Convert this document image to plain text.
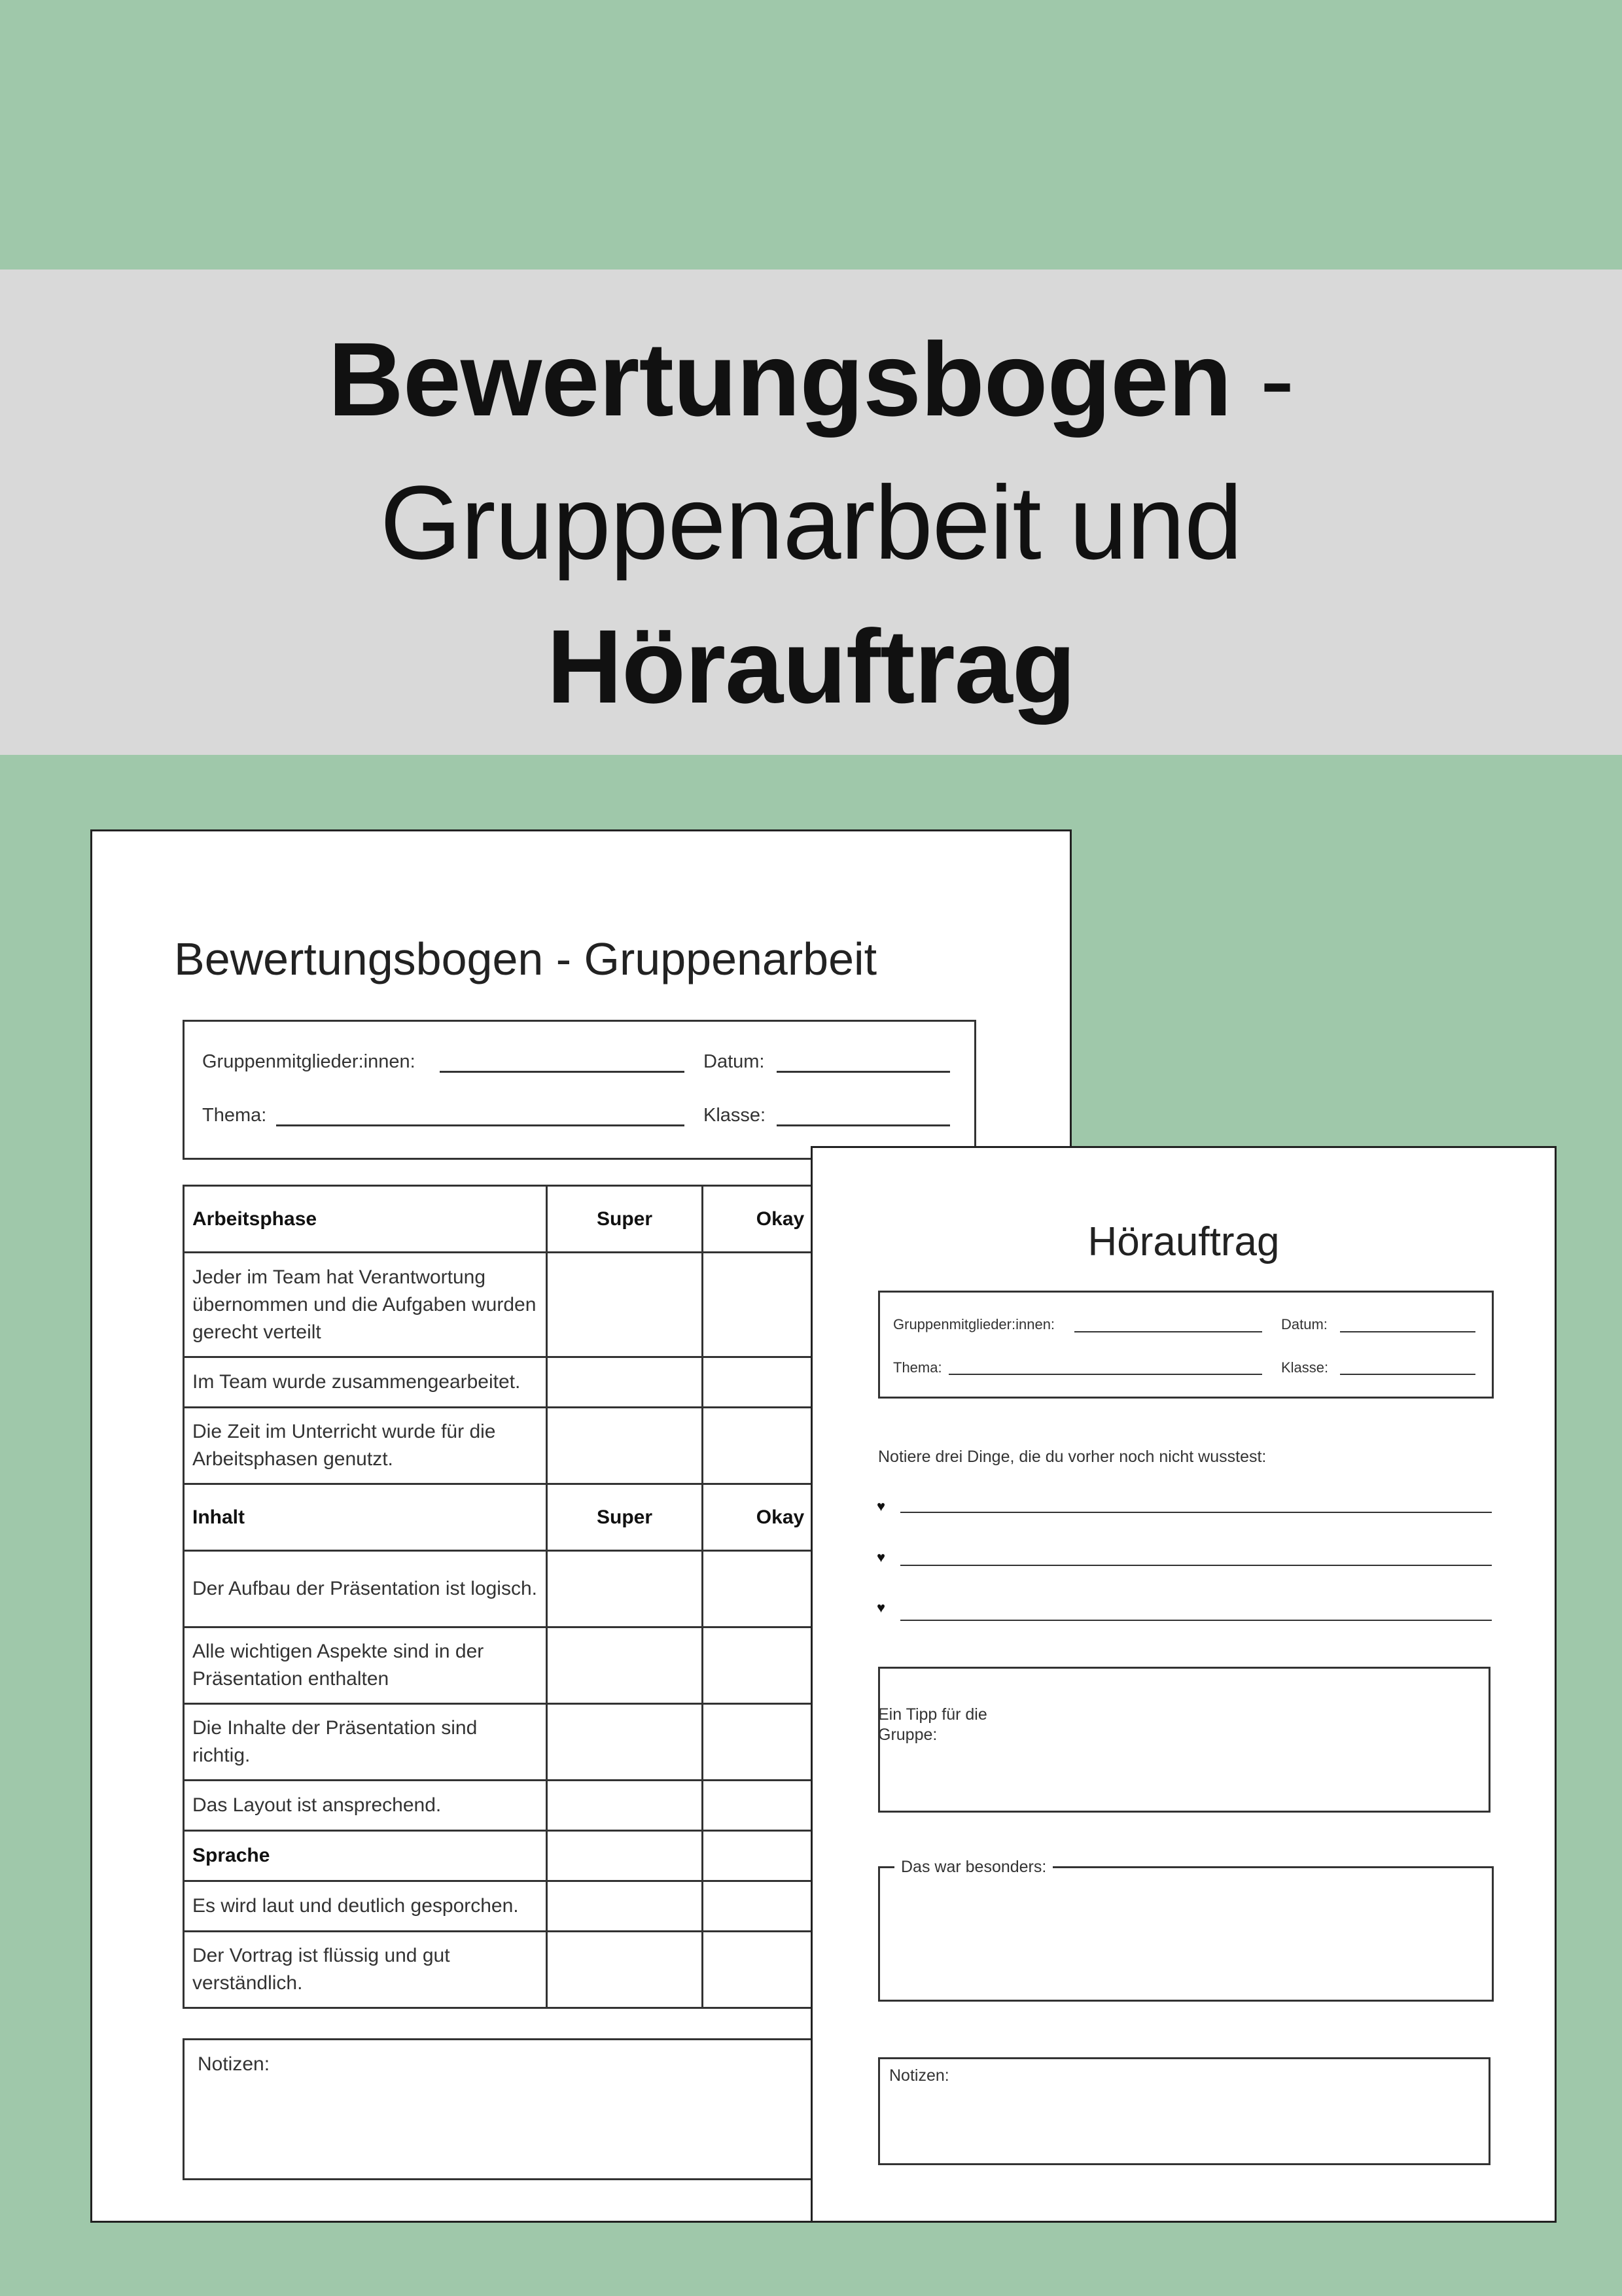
Bewertungsbogen -
Gruppenarbeit und
Hörauftrag
Bewertungsbogen - Gruppenarbeit
Gruppenmitglieder:innen:	Datum:
Thema:	Klasse:
Arbeitsphase	Super	Okay	
Jeder im Team hat Verantwortung übernommen und die Aufgaben wurden gerecht verteilt			
Im Team wurde zusammengearbeitet.			
Die Zeit im Unterricht wurde für die Arbeitsphasen genutzt.			
Inhalt	Super	Okay	
Der Aufbau der Präsentation ist logisch.			
Alle wichtigen Aspekte sind in der Präsentation enthalten			
Die Inhalte der Präsentation sind richtig.			
Das Layout ist ansprechend.			
Sprache			
Es wird laut und deutlich gesporchen.			
Der Vortrag ist flüssig und gut verständlich.			
Notizen:
Hörauftrag
Gruppenmitglieder:innen:	Datum:
Thema:	Klasse:
Notiere drei Dinge, die du vorher noch nicht wusstest:
♥
♥
♥
Ein Tipp für die Gruppe:
Das war besonders:
Notizen:
